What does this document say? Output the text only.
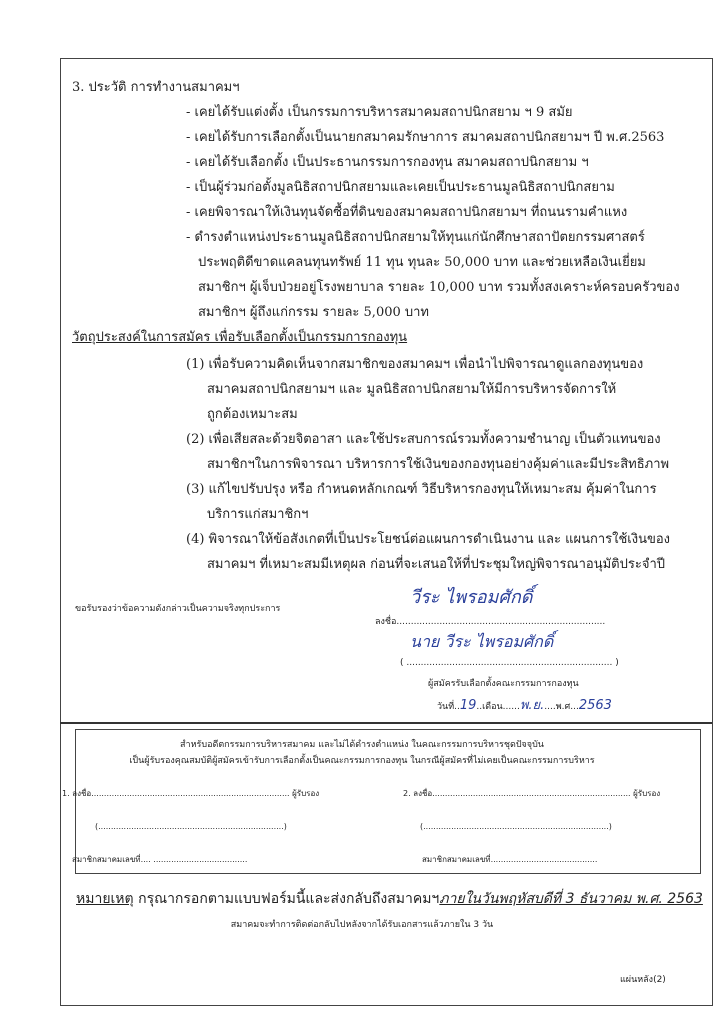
3. ประวัติ การทำงานสมาคมฯ
- เคยได้รับแต่งตั้ง เป็นกรรมการบริหารสมาคมสถาปนิกสยาม ฯ 9 สมัย
- เคยได้รับการเลือกตั้งเป็นนายกสมาคมรักษาการ สมาคมสถาปนิกสยามฯ ปี พ.ศ.2563
- เคยได้รับเลือกตั้ง เป็นประธานกรรมการกองทุน สมาคมสถาปนิกสยาม ฯ
- เป็นผู้ร่วมก่อตั้งมูลนิธิสถาปนิกสยามและเคยเป็นประธานมูลนิธิสถาปนิกสยาม
- เคยพิจารณาให้เงินทุนจัดซื้อที่ดินของสมาคมสถาปนิกสยามฯ ที่ถนนรามคำแหง
- ดำรงตำแหน่งประธานมูลนิธิสถาปนิกสยามให้ทุนแก่นักศึกษาสถาปัตยกรรมศาสตร์
ประพฤติดีขาดแคลนทุนทรัพย์ 11 ทุน ทุนละ 50,000 บาท และช่วยเหลือเงินเยี่ยม
สมาชิกฯ ผู้เจ็บป่วยอยู่โรงพยาบาล รายละ 10,000 บาท รวมทั้งสงเคราะห์ครอบครัวของ
สมาชิกฯ ผู้ถึงแก่กรรม รายละ 5,000 บาท
วัตถุประสงค์ในการสมัคร เพื่อรับเลือกตั้งเป็นกรรมการกองทุน
(1) เพื่อรับความคิดเห็นจากสมาชิกของสมาคมฯ เพื่อนำไปพิจารณาดูแลกองทุนของ
สมาคมสถาปนิกสยามฯ และ มูลนิธิสถาปนิกสยามให้มีการบริหารจัดการให้
ถูกต้องเหมาะสม
(2) เพื่อเสียสละด้วยจิตอาสา และใช้ประสบการณ์รวมทั้งความชำนาญ เป็นตัวแทนของ
สมาชิกฯในการพิจารณา บริหารการใช้เงินของกองทุนอย่างคุ้มค่าและมีประสิทธิภาพ
(3) แก้ไขปรับปรุง หรือ กำหนดหลักเกณฑ์ วิธีบริหารกองทุนให้เหมาะสม คุ้มค่าในการ
บริการแก่สมาชิกฯ
(4) พิจารณาให้ข้อสังเกตที่เป็นประโยชน์ต่อแผนการดำเนินงาน และ แผนการใช้เงินของ
สมาคมฯ ที่เหมาะสมมีเหตุผล ก่อนที่จะเสนอให้ที่ประชุมใหญ่พิจารณาอนุมัติประจำปี
ขอรับรองว่าข้อความดังกล่าวเป็นความจริงทุกประการ
วีระ ไพรอมศักดิ์
ลงชื่อ.........................................................................
นาย วีระ ไพรอมศักดิ์
( ........................................................................ )
ผู้สมัครรับเลือกตั้งคณะกรรมการกองทุน
วันที่..19..เดือน......พ.ย.....พ.ศ...2563
สำหรับอดีตกรรมการบริหารสมาคม และไม่ได้ดำรงตำแหน่ง ในคณะกรรมการบริหารชุดปัจจุบัน
เป็นผู้รับรองคุณสมบัติผู้สมัครเข้ารับการเลือกตั้งเป็นคณะกรรมการกองทุน ในกรณีผู้สมัครที่ไม่เคยเป็นคณะกรรมการบริหาร
1. ลงชื่อ.............................................................................. ผู้รับรอง	2. ลงชื่อ.............................................................................. ผู้รับรอง
(.........................................................................)	(.........................................................................)
สมาชิกสมาคมเลขที่.... .....................................	สมาชิกสมาคมเลขที่..........................................
หมายเหตุ กรุณากรอกตามแบบฟอร์มนี้และส่งกลับถึงสมาคมฯภายในวันพฤหัสบดีที่ 3 ธันวาคม พ.ศ. 2563
สมาคมจะทำการติดต่อกลับไปหลังจากได้รับเอกสารแล้วภายใน 3 วัน
แผ่นหลัง(2)
